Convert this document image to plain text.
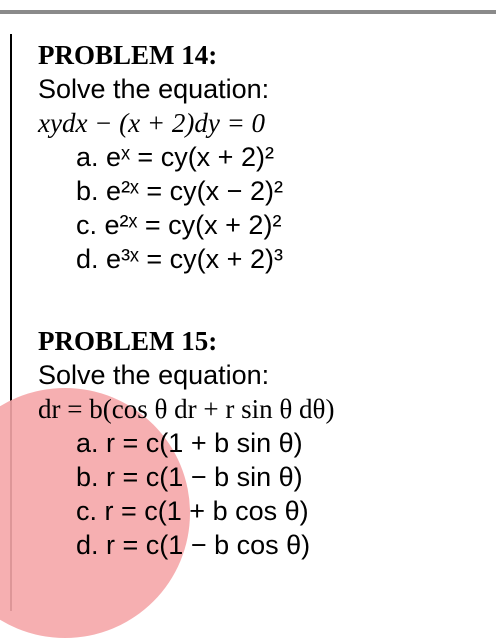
PROBLEM 14:
Solve the equation:
xydx − (x + 2)dy = 0
a. eˣ = cy(x + 2)²
b. e²ˣ = cy(x − 2)²
c. e²ˣ = cy(x + 2)²
d. e³ˣ = cy(x + 2)³
PROBLEM 15:
Solve the equation:
dr = b(cos θ dr + r sin θ dθ)
a. r = c(1 + b sin θ)
b. r = c(1 − b sin θ)
c. r = c(1 + b cos θ)
d. r = c(1 − b cos θ)
